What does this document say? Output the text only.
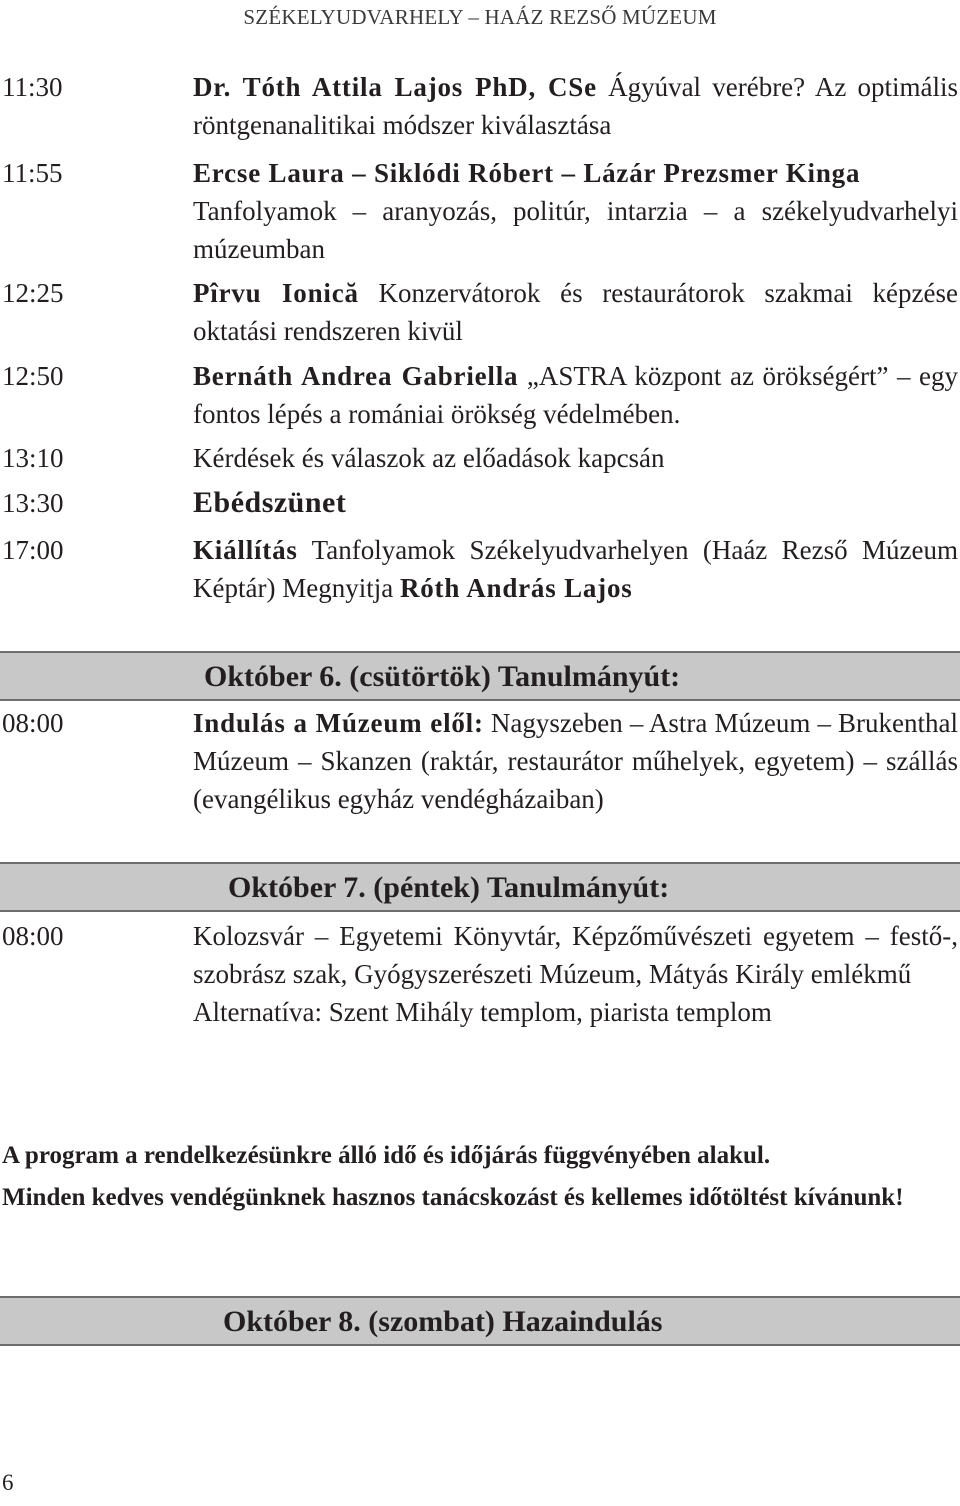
SZÉKELYUDVARHELY – HAÁZ REZSŐ MÚZEUM
11:30	Dr. Tóth Attila Lajos PhD, CSe Ágyúval verébre? Az optimális röntgenanalitikai módszer kiválasztása
11:55	Ercse Laura – Siklódi Róbert – Lázár Prezsmer Kinga
Tanfolyamok – aranyozás, politúr, intarzia – a székelyudvarhelyi múzeumban
12:25	Pîrvu Ionică Konzervátorok és restaurátorok szakmai képzése oktatási rendszeren kivül
12:50	Bernáth Andrea Gabriella „ASTRA központ az örökségért” – egy fontos lépés a romániai örökség védelmében.
13:10	Kérdések és válaszok az előadások kapcsán
13:30	Ebédszünet
17:00	Kiállítás Tanfolyamok Székelyudvarhelyen (Haáz Rezső Múzeum Képtár) Megnyitja Róth András Lajos
Október 6. (csütörtök) Tanulmányút:
08:00	Indulás a Múzeum elől: Nagyszeben – Astra Múzeum – Brukenthal Múzeum – Skanzen (raktár, restaurátor műhelyek, egyetem) – szállás (evangélikus egyház vendégházaiban)
Október 7. (péntek) Tanulmányút:
08:00	Kolozsvár – Egyetemi Könyvtár, Képzőművészeti egyetem – festő-, szobrász szak, Gyógyszerészeti Múzeum, Mátyás Király emlékmű
Alternatíva: Szent Mihály templom, piarista templom
A program a rendelkezésünkre álló idő és időjárás függvényében alakul.
Minden kedves vendégünknek hasznos tanácskozást és kellemes időtöltést kívánunk!
Október 8. (szombat) Hazaindulás
6
